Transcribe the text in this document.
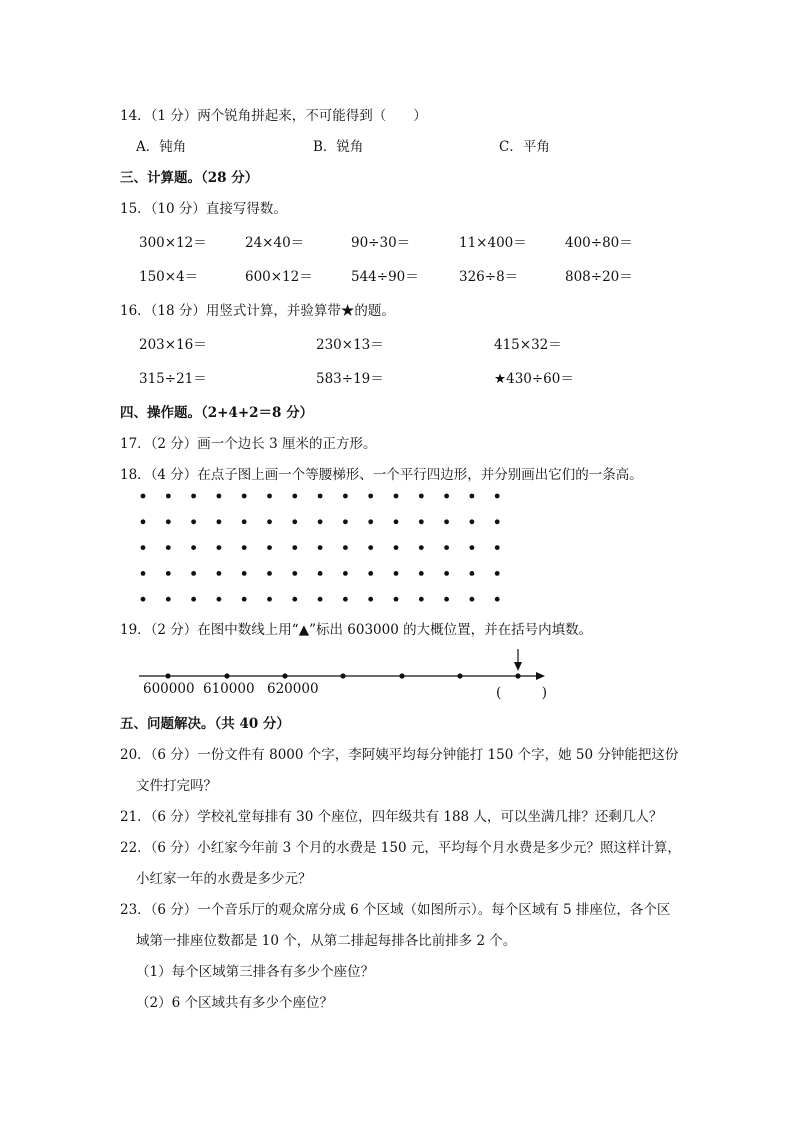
14．（1 分）两个锐角拼起来，不可能得到（　　）
A．钝角	B．锐角	C．平角
三、计算题。（28 分）
15．（10 分）直接写得数。
300×12＝	24×40＝	90÷30＝	11×400＝	400÷80＝
150×4＝	600×12＝	544÷90＝	326÷8＝	808÷20＝
16．（18 分）用竖式计算，并验算带★的题。
203×16＝	230×13＝	415×32＝
315÷21＝	583÷19＝	★430÷60＝
四、操作题。（2+4+2＝8 分）
17．（2 分）画一个边长 3 厘米的正方形。
18．（4 分）在点子图上画一个等腰梯形、一个平行四边形，并分别画出它们的一条高。
19．（2 分）在图中数线上用“▲”标出 603000 的大概位置，并在括号内填数。
600000 610000 620000	(　　　)
五、问题解决。（共 40 分）
20．（6 分）一份文件有 8000 个字，李阿姨平均每分钟能打 150 个字，她 50 分钟能把这份
文件打完吗？
21．（6 分）学校礼堂每排有 30 个座位，四年级共有 188 人，可以坐满几排？还剩几人？
22．（6 分）小红家今年前 3 个月的水费是 150 元，平均每个月水费是多少元？照这样计算，
小红家一年的水费是多少元？
23．（6 分）一个音乐厅的观众席分成 6 个区域（如图所示）。每个区域有 5 排座位，各个区
域第一排座位数都是 10 个，从第二排起每排各比前排多 2 个。
（1）每个区域第三排各有多少个座位？
（2）6 个区域共有多少个座位？
